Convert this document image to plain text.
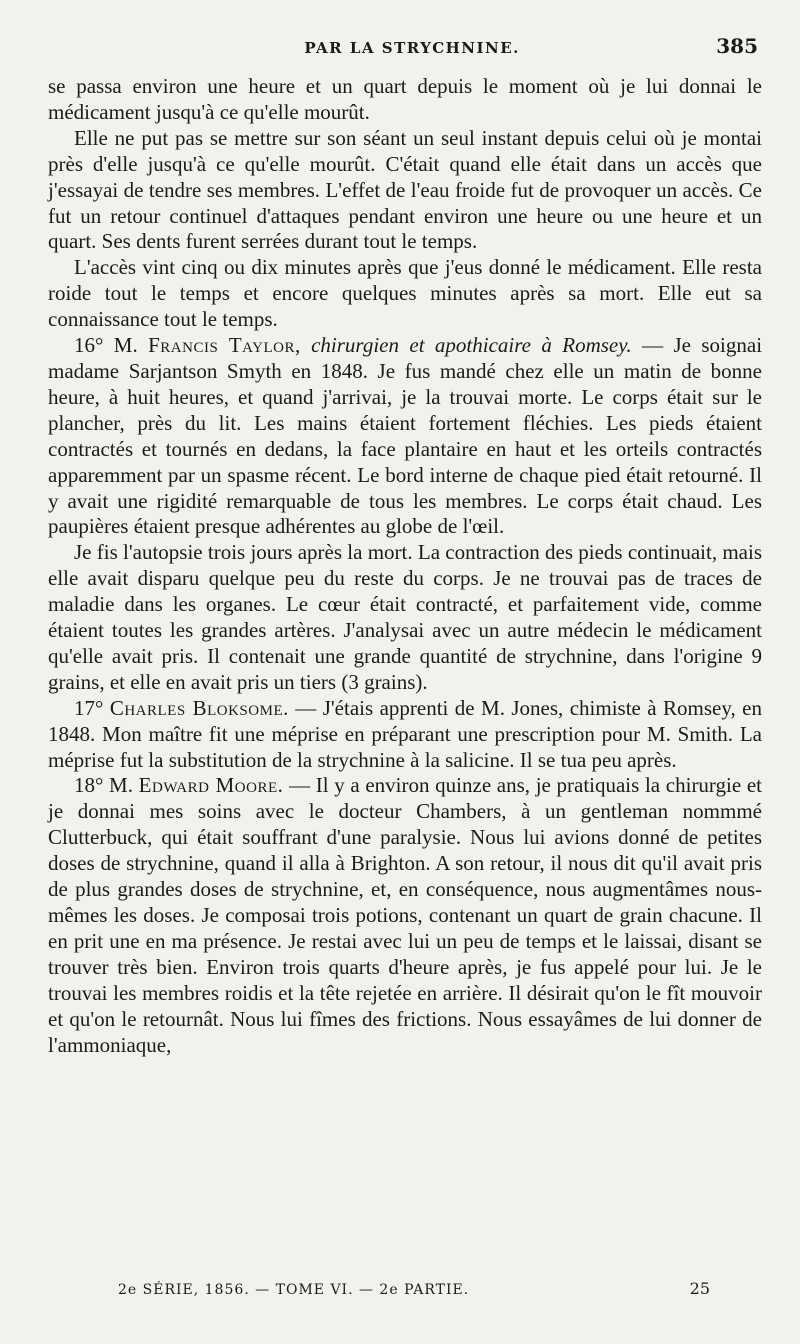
PAR LA STRYCHNINE.	385

se passa environ une heure et un quart depuis le moment où je lui donnai le médicament jusqu'à ce qu'elle mourût.

Elle ne put pas se mettre sur son séant un seul instant depuis celui où je montai près d'elle jusqu'à ce qu'elle mourût. C'était quand elle était dans un accès que j'essayai de tendre ses membres. L'effet de l'eau froide fut de provoquer un accès. Ce fut un retour continuel d'attaques pendant environ une heure ou une heure et un quart. Ses dents furent serrées durant tout le temps.

L'accès vint cinq ou dix minutes après que j'eus donné le médicament. Elle resta roide tout le temps et encore quelques minutes après sa mort. Elle eut sa connaissance tout le temps.

16° M. Francis Taylor, chirurgien et apothicaire à Romsey. — Je soignai madame Sarjantson Smyth en 1848. Je fus mandé chez elle un matin de bonne heure, à huit heures, et quand j'arrivai, je la trouvai morte. Le corps était sur le plancher, près du lit. Les mains étaient fortement fléchies. Les pieds étaient contractés et tournés en dedans, la face plantaire en haut et les orteils contractés apparemment par un spasme récent. Le bord interne de chaque pied était retourné. Il y avait une rigidité remarquable de tous les membres. Le corps était chaud. Les paupières étaient presque adhérentes au globe de l'œil.

Je fis l'autopsie trois jours après la mort. La contraction des pieds continuait, mais elle avait disparu quelque peu du reste du corps. Je ne trouvai pas de traces de maladie dans les organes. Le cœur était contracté, et parfaitement vide, comme étaient toutes les grandes artères. J'analysai avec un autre médecin le médicament qu'elle avait pris. Il contenait une grande quantité de strychnine, dans l'origine 9 grains, et elle en avait pris un tiers (3 grains).

17° Charles Bloksome. — J'étais apprenti de M. Jones, chimiste à Romsey, en 1848. Mon maître fit une méprise en préparant une prescription pour M. Smith. La méprise fut la substitution de la strychnine à la salicine. Il se tua peu après.

18° M. Edward Moore. — Il y a environ quinze ans, je pratiquais la chirurgie et je donnai mes soins avec le docteur Chambers, à un gentleman nommmé Clutterbuck, qui était souffrant d'une paralysie. Nous lui avions donné de petites doses de strychnine, quand il alla à Brighton. A son retour, il nous dit qu'il avait pris de plus grandes doses de strychnine, et, en conséquence, nous augmentâmes nous-mêmes les doses. Je composai trois potions, contenant un quart de grain chacune. Il en prit une en ma présence. Je restai avec lui un peu de temps et le laissai, disant se trouver très bien. Environ trois quarts d'heure après, je fus appelé pour lui. Je le trouvai les membres roidis et la tête rejetée en arrière. Il désirait qu'on le fît mouvoir et qu'on le retournât. Nous lui fîmes des frictions. Nous essayâmes de lui donner de l'ammoniaque,

2e SÉRIE, 1856. — TOME VI. — 2e PARTIE.	25
